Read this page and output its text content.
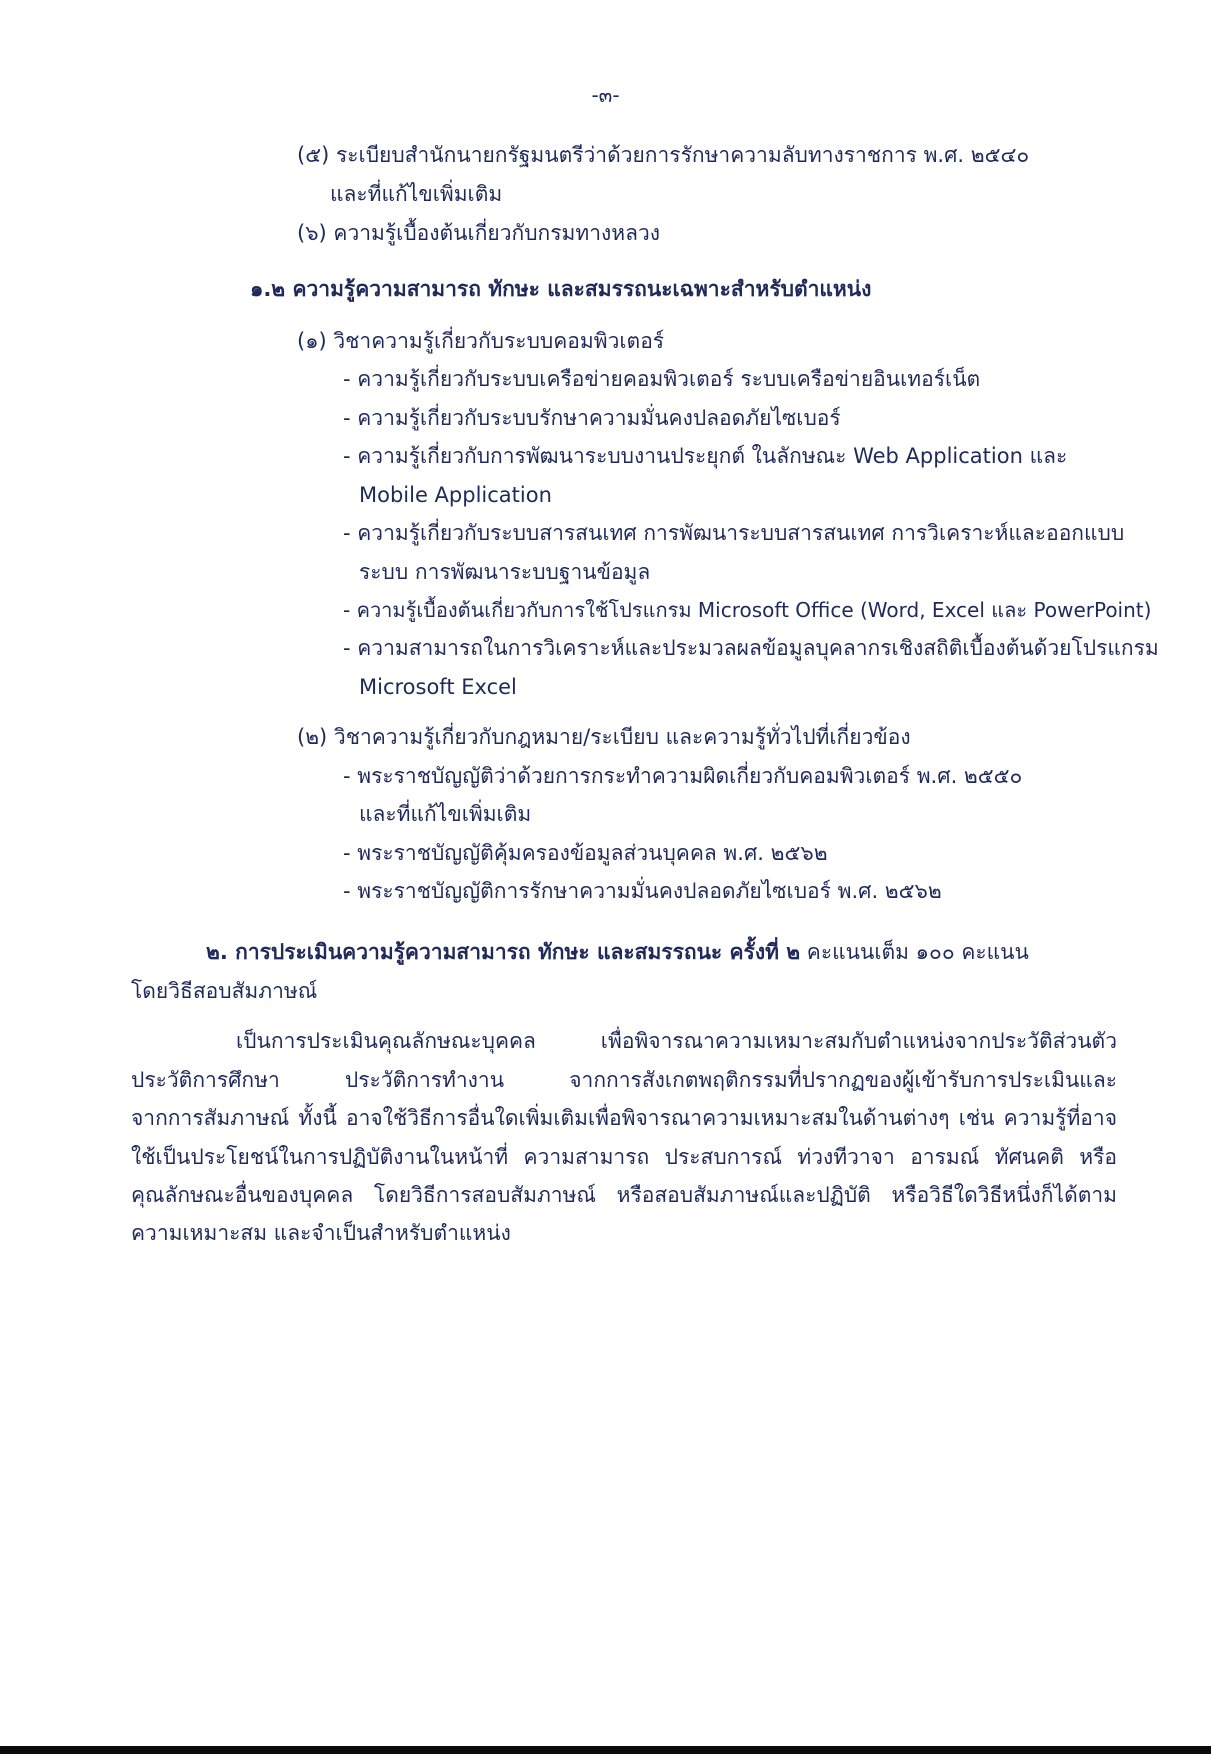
-๓-
(๕) ระเบียบสำนักนายกรัฐมนตรีว่าด้วยการรักษาความลับทางราชการ พ.ศ. ๒๕๔๐
และที่แก้ไขเพิ่มเติม
(๖) ความรู้เบื้องต้นเกี่ยวกับกรมทางหลวง
๑.๒ ความรู้ความสามารถ ทักษะ และสมรรถนะเฉพาะสำหรับตำแหน่ง
(๑) วิชาความรู้เกี่ยวกับระบบคอมพิวเตอร์
- ความรู้เกี่ยวกับระบบเครือข่ายคอมพิวเตอร์ ระบบเครือข่ายอินเทอร์เน็ต
- ความรู้เกี่ยวกับระบบรักษาความมั่นคงปลอดภัยไซเบอร์
- ความรู้เกี่ยวกับการพัฒนาระบบงานประยุกต์ ในลักษณะ Web Application และ
Mobile Application
- ความรู้เกี่ยวกับระบบสารสนเทศ การพัฒนาระบบสารสนเทศ การวิเคราะห์และออกแบบ
ระบบ การพัฒนาระบบฐานข้อมูล
- ความรู้เบื้องต้นเกี่ยวกับการใช้โปรแกรม Microsoft Office (Word, Excel และ PowerPoint)
- ความสามารถในการวิเคราะห์และประมวลผลข้อมูลบุคลากรเชิงสถิติเบื้องต้นด้วยโปรแกรม
Microsoft Excel
(๒) วิชาความรู้เกี่ยวกับกฎหมาย/ระเบียบ และความรู้ทั่วไปที่เกี่ยวข้อง
- พระราชบัญญัติว่าด้วยการกระทำความผิดเกี่ยวกับคอมพิวเตอร์ พ.ศ. ๒๕๕๐
และที่แก้ไขเพิ่มเติม
- พระราชบัญญัติคุ้มครองข้อมูลส่วนบุคคล พ.ศ. ๒๕๖๒
- พระราชบัญญัติการรักษาความมั่นคงปลอดภัยไซเบอร์ พ.ศ. ๒๕๖๒
๒. การประเมินความรู้ความสามารถ ทักษะ และสมรรถนะ ครั้งที่ ๒ คะแนนเต็ม ๑๐๐ คะแนน
โดยวิธีสอบสัมภาษณ์
เป็นการประเมินคุณลักษณะบุคคล เพื่อพิจารณาความเหมาะสมกับตำแหน่งจากประวัติส่วนตัว
ประวัติการศึกษา ประวัติการทำงาน จากการสังเกตพฤติกรรมที่ปรากฏของผู้เข้ารับการประเมินและ
จากการสัมภาษณ์ ทั้งนี้ อาจใช้วิธีการอื่นใดเพิ่มเติมเพื่อพิจารณาความเหมาะสมในด้านต่างๆ เช่น ความรู้ที่อาจ
ใช้เป็นประโยชน์ในการปฏิบัติงานในหน้าที่ ความสามารถ ประสบการณ์ ท่วงทีวาจา อารมณ์ ทัศนคติ หรือ
คุณลักษณะอื่นของบุคคล โดยวิธีการสอบสัมภาษณ์ หรือสอบสัมภาษณ์และปฏิบัติ หรือวิธีใดวิธีหนึ่งก็ได้ตาม
ความเหมาะสม และจำเป็นสำหรับตำแหน่ง
